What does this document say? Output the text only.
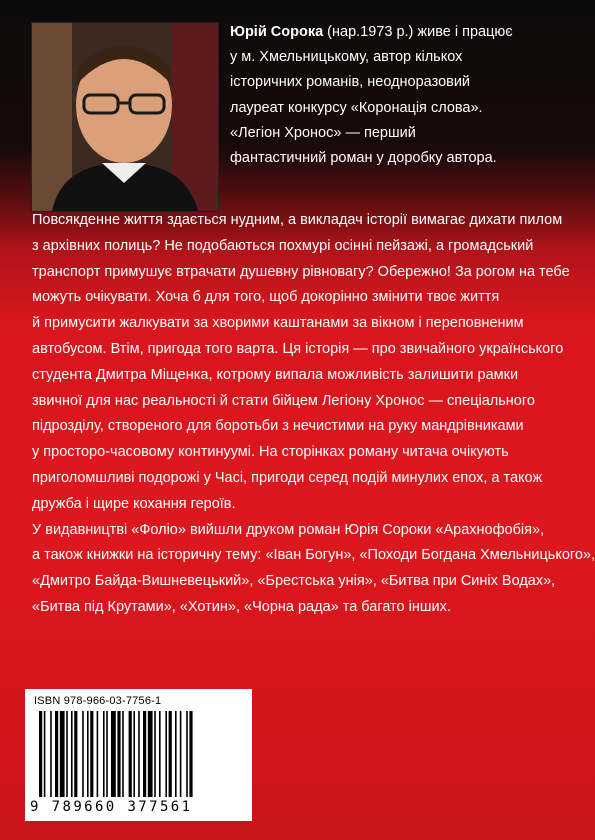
Юрій Сорока (нар.1973 р.) живе і працює
у м. Хмельницькому, автор кількох
історичних романів, неодноразовий
лауреат конкурсу «Коронація слова».
«Легіон Хронос» — перший
фантастичний роман у доробку автора.
Повсякденне життя здається нудним, а викладач історії вимагає дихати пилом
з архівних полиць? Не подобаються похмурі осінні пейзажі, а громадський
транспорт примушує втрачати душевну рівновагу? Обережно! За рогом на тебе
можуть очікувати. Хоча б для того, щоб докорінно змінити твоє життя
й примусити жалкувати за хворими каштанами за вікном і переповненим
автобусом. Втім, пригода того варта. Ця історія — про звичайного українського
студента Дмитра Міщенка, котрому випала можливість залишити рамки
звичної для нас реальності й стати бійцем Легіону Хронос — спеціального
підрозділу, створеного для боротьби з нечистими на руку мандрівниками
у просторо-часовому континуумі. На сторінках роману читача очікують
приголомшливі подорожі у Часі, пригоди серед подій минулих епох, а також
дружба і щире кохання героїв.
У видавництві «Фоліо» вийшли друком роман Юрія Сороки «Арахнофобія»,
а також книжки на історичну тему: «Іван Богун», «Походи Богдана Хмельницького»,
«Дмитро Байда-Вишневецький», «Брестська унія», «Битва при Синіх Водах»,
«Битва під Крутами», «Хотин», «Чорна рада» та багато інших.
ISBN 978-966-03-7756-1
9 789660 377561
